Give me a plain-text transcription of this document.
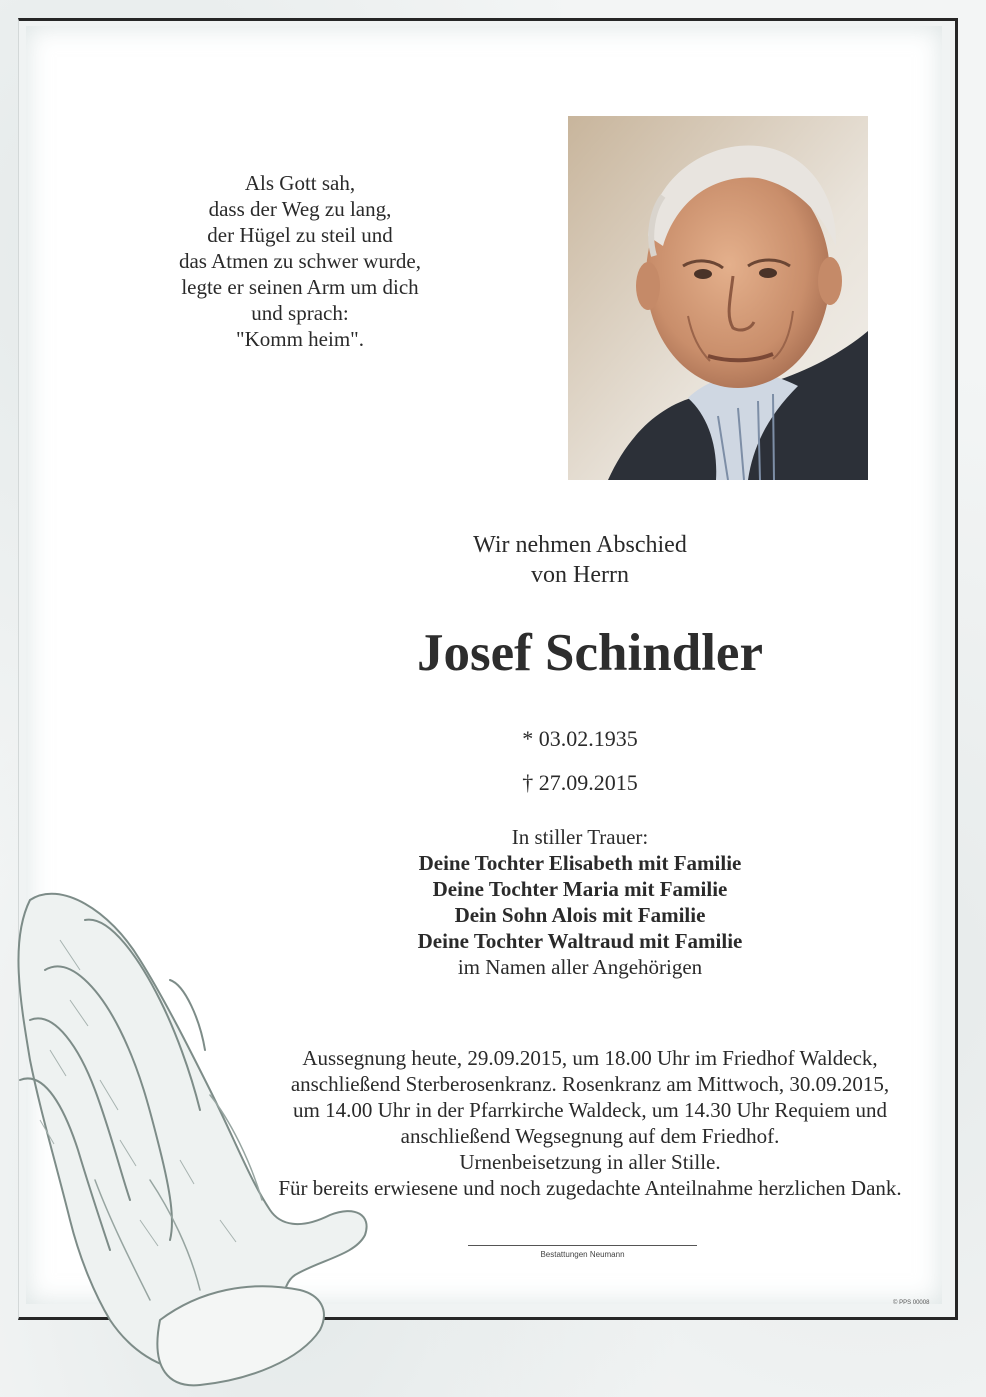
Als Gott sah,
dass der Weg zu lang,
der Hügel zu steil und
das Atmen zu schwer wurde,
legte er seinen Arm um dich
und sprach:
"Komm heim".
Wir nehmen Abschied
von Herrn
Josef Schindler
* 03.02.1935
† 27.09.2015
In stiller Trauer:
Deine Tochter Elisabeth mit Familie
Deine Tochter Maria mit Familie
Dein Sohn Alois mit Familie
Deine Tochter Waltraud mit Familie
im Namen aller Angehörigen
Aussegnung heute, 29.09.2015, um 18.00 Uhr im Friedhof Waldeck,
anschließend Sterberosenkranz. Rosenkranz am Mittwoch, 30.09.2015,
um 14.00 Uhr in der Pfarrkirche Waldeck, um 14.30 Uhr Requiem und
anschließend Wegsegnung auf dem Friedhof.
Urnenbeisetzung in aller Stille.
Für bereits erwiesene und noch zugedachte Anteilnahme herzlichen Dank.
Bestattungen Neumann
© PPS 00008
